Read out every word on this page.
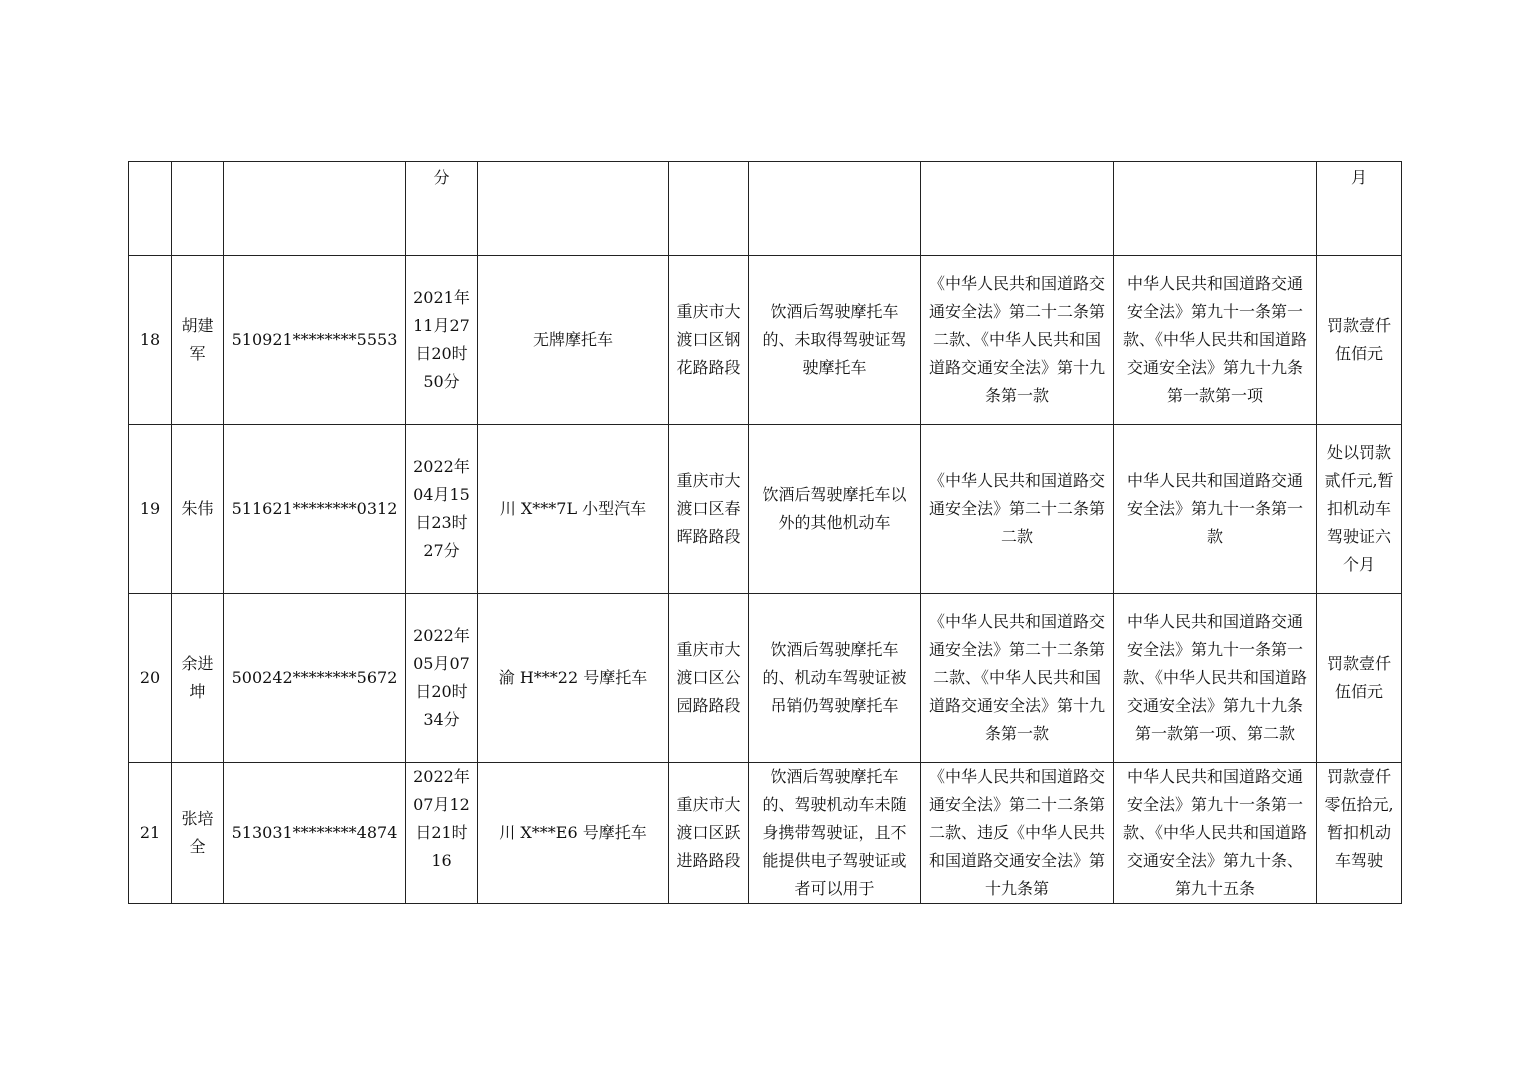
			分						月

18	胡建军	510921********5553	2021年11月27日20时50分	无牌摩托车	重庆市大渡口区钢花路路段	饮酒后驾驶摩托车的、未取得驾驶证驾驶摩托车	《中华人民共和国道路交通安全法》第二十二条第二款、《中华人民共和国道路交通安全法》第十九条第一款	中华人民共和国道路交通安全法》第九十一条第一款、《中华人民共和国道路交通安全法》第九十九条第一款第一项	罚款壹仟伍佰元
19	朱伟	511621********0312	2022年04月15日23时27分	川 X***7L 小型汽车	重庆市大渡口区春晖路路段	饮酒后驾驶摩托车以外的其他机动车	《中华人民共和国道路交通安全法》第二十二条第二款	中华人民共和国道路交通安全法》第九十一条第一款	处以罚款贰仟元,暂扣机动车驾驶证六个月
20	余进坤	500242********5672	2022年05月07日20时34分	渝 H***22 号摩托车	重庆市大渡口区公园路路段	饮酒后驾驶摩托车的、机动车驾驶证被吊销仍驾驶摩托车	《中华人民共和国道路交通安全法》第二十二条第二款、《中华人民共和国道路交通安全法》第十九条第一款	中华人民共和国道路交通安全法》第九十一条第一款、《中华人民共和国道路交通安全法》第九十九条第一款第一项、第二款	罚款壹仟伍佰元
21	张培全	513031********4874	2022年07月12日21时16	川 X***E6 号摩托车	重庆市大渡口区跃进路路段	饮酒后驾驶摩托车的、驾驶机动车未随身携带驾驶证，且不能提供电子驾驶证或者可以用于	《中华人民共和国道路交通安全法》第二十二条第二款、违反《中华人民共和国道路交通安全法》第十九条第	中华人民共和国道路交通安全法》第九十一条第一款、《中华人民共和国道路交通安全法》第九十条、第九十五条	罚款壹仟零伍拾元,暂扣机动车驾驶
